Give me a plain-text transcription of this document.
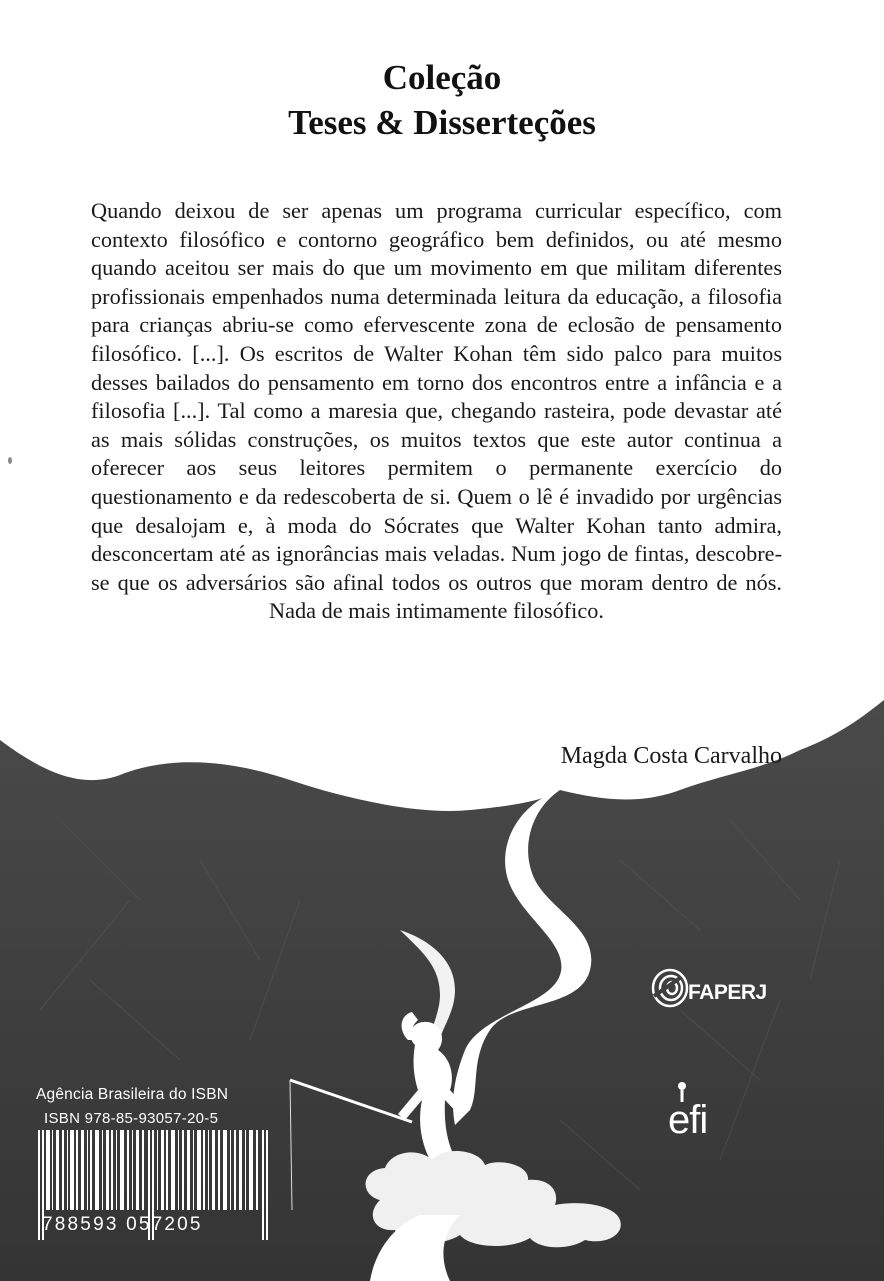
Coleção
Teses & Disserteções

Quando deixou de ser apenas um programa curricular específico, com contexto filosófico e contorno geográfico bem definidos, ou até mesmo quando aceitou ser mais do que um movimento em que militam diferentes profissionais empenhados numa determinada leitura da educação, a filosofia para crianças abriu-se como efervescente zona de eclosão de pensamento filosófico. [...]. Os escritos de Walter Kohan têm sido palco para muitos desses bailados do pensamento em torno dos encontros entre a infância e a filosofia [...]. Tal como a maresia que, chegando rasteira, pode devastar até as mais sólidas construções, os muitos textos que este autor continua a oferecer aos seus leitores permitem o permanente exercício do questionamento e da redescoberta de si. Quem o lê é invadido por urgências que desalojam e, à moda do Sócrates que Walter Kohan tanto admira, desconcertam até as ignorâncias mais veladas. Num jogo de fintas, descobre-se que os adversários são afinal todos os outros que moram dentro de nós. Nada de mais intimamente filosófico.

Magda Costa Carvalho
Agência Brasileira do ISBN
ISBN 978-85-93057-20-5
788593 057205
FAPERJ
efi
